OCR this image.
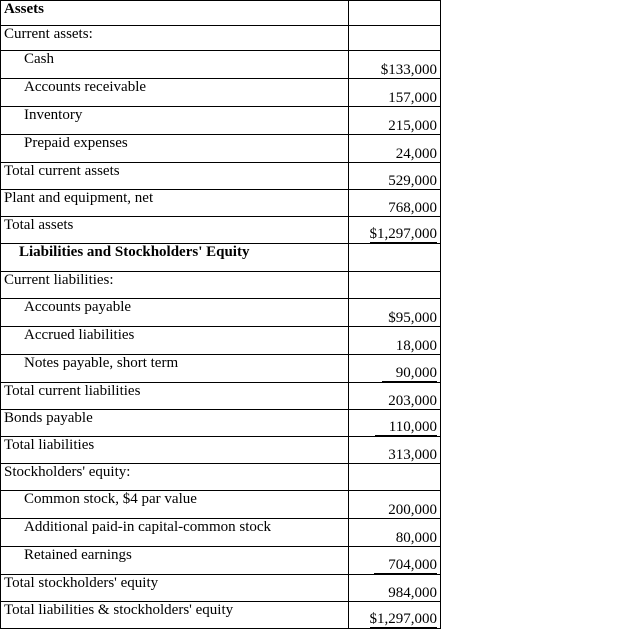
Assets	
Current assets:	
Cash	$133,000
Accounts receivable	157,000
Inventory	215,000
Prepaid expenses	24,000
Total current assets	529,000
Plant and equipment, net	768,000
Total assets	$1,297,000
Liabilities and Stockholders' Equity	
Current liabilities:	
Accounts payable	$95,000
Accrued liabilities	18,000
Notes payable, short term	90,000
Total current liabilities	203,000
Bonds payable	110,000
Total liabilities	313,000
Stockholders' equity:	
Common stock, $4 par value	200,000
Additional paid-in capital-common stock	80,000
Retained earnings	704,000
Total stockholders' equity	984,000
Total liabilities & stockholders' equity	$1,297,000
